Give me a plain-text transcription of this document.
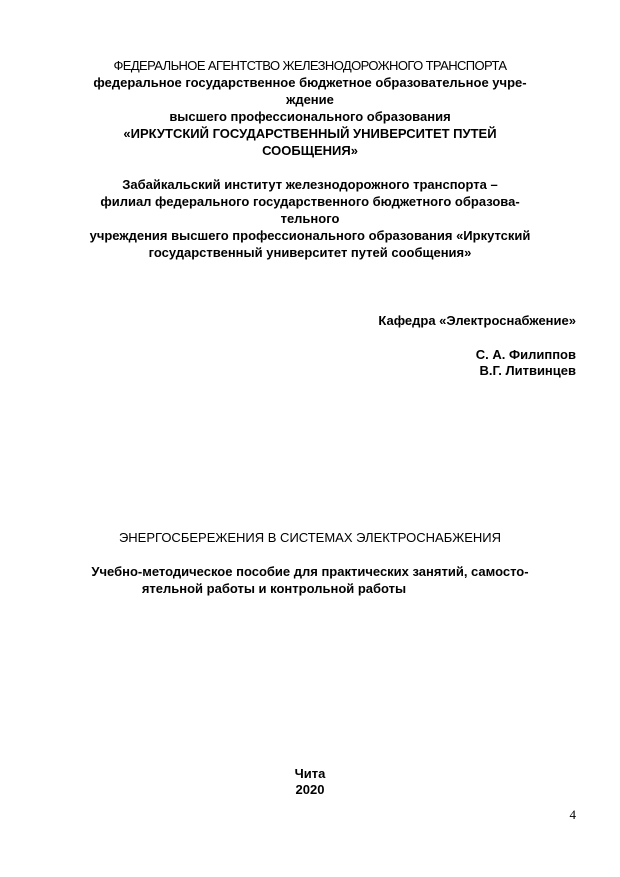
ФЕДЕРАЛЬНОЕ АГЕНТСТВО ЖЕЛЕЗНОДОРОЖНОГО ТРАНСПОРТА
федеральное государственное бюджетное образовательное учре-
ждение
высшего профессионального образования
«ИРКУТСКИЙ ГОСУДАРСТВЕННЫЙ УНИВЕРСИТЕТ ПУТЕЙ
СООБЩЕНИЯ»
Забайкальский институт железнодорожного транспорта –
филиал федерального государственного бюджетного образова-
тельного
учреждения высшего профессионального образования «Иркутский
государственный университет путей сообщения»
Кафедра «Электроснабжение»
С. А. Филиппов
В.Г. Литвинцев
ЭНЕРГОСБЕРЕЖЕНИЯ В СИСТЕМАХ ЭЛЕКТРОСНАБЖЕНИЯ
Учебно-методическое пособие для практических занятий, самосто-
ятельной работы и контрольной работы
Чита
2020
4
